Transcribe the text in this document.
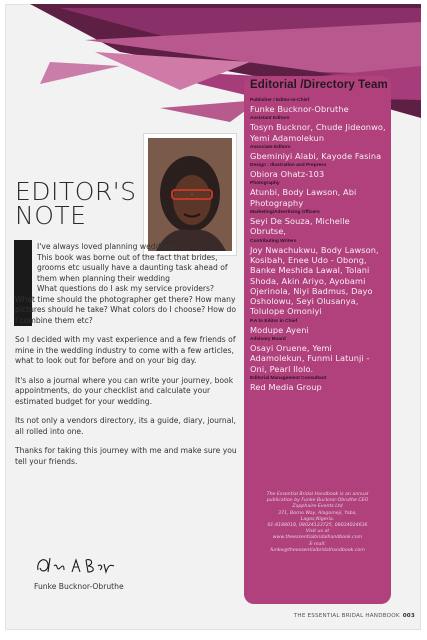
EDITOR'S
NOTE

I've always loved planning weddings!

This book was borne out of the fact that brides, grooms etc usually have a daunting task ahead of them when planning their wedding

What questions do I ask my service providers?

What time should the photographer get there? How many pictures should he take? What colors do I choose? How do I combine them etc?

So I decided with my vast experience and a few friends of mine in the wedding industry to come with a few articles, what to look out for before and on your big day.

It's also a journal where you can write your journey, book appointments, do your checklist and calculate your estimated budget for your wedding.

Its not only a vendors directory, its a guide, diary, journal, all rolled into one.

Thanks for taking this journey with me and make sure you tell your friends.

Olufunke A. Obruthe
Funke Bucknor-Obruthe
Editorial /Directory Team
Publisher / Editor-in-Chief
Funke Bucknor-Obruthe
Assistant Editors
Tosyn Bucknor, Chude Jideonwo, Yemi Adamolekun
Associate Editors
Gbeminiyi Alabi, Kayode Fasina
Design : Illustration and Prepress
Obiora Ohatz-103
Photography
Atunbi, Body Lawson, Abi Photography
Marketing/Advertising Officers
Seyi De Souza, Michelle Obrutse,
Contributing Writers
Joy Nwachukwu, Body Lawson, Kosibah, Enee Udo - Obong, Banke Meshida Lawal, Tolani Shoda, Akin Ariyo, Ayobami Ojerinola, Niyi Badmus, Dayo Osholowu, Seyi Olusanya, Tolulope Omoniyi
P.A to Editor in Chief
Modupe Ayeni
Advisory Board
Osayi Oruene, Yemi Adamolekun, Funmi Latunji - Oni, Pearl Ilolo.
Editorial Management Consultant
Red Media Group
The Essential Bridal Handbook is an annual
publication by Funke Bucknor-Obruthe CEO
Zapphaire Events Ltd
371, Borno Way, Alagomeji, Yaba,
Lagos,Nigeria.
01-8188018, 08024123725, 08034024636
Visit us at
www.theessentialbridalhandbook.com
E-mail:
funke@theessentialbridalhandbook.com
THE ESSENTIAL BRIDAL HANDBOOK 003
